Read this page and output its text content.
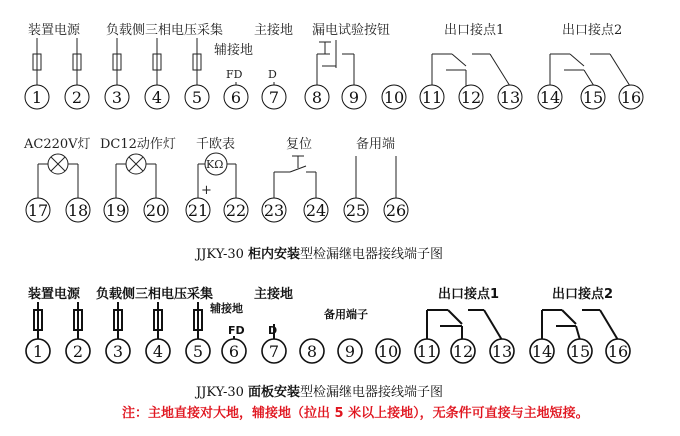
装置电源 负载侧三相电压采集
辅接地
FD
主接地
D
漏电试验按钮	出口接点1	出口接点2
1 2 3 4 5 6 7 8 9 10 11 12 13 14 15 16
AC220V灯 DC12动作灯 千欧表	复位	备用端
KΩ
+
17 18 19 20 21 22 23 24 25 26
JJKY-30 柜内安装型检漏继电器接线端子图
装置电源 负载侧三相电压采集
辅接地
FD
主接地
D
备用端子
出口接点1	出口接点2
1 2 3 4 5 6 7 8 9 10 11 12 13 14 15 16
JJKY-30 面板安装型检漏继电器接线端子图
注：主地直接对大地，辅接地（拉出 5 米以上接地），无条件可直接与主地短接。
